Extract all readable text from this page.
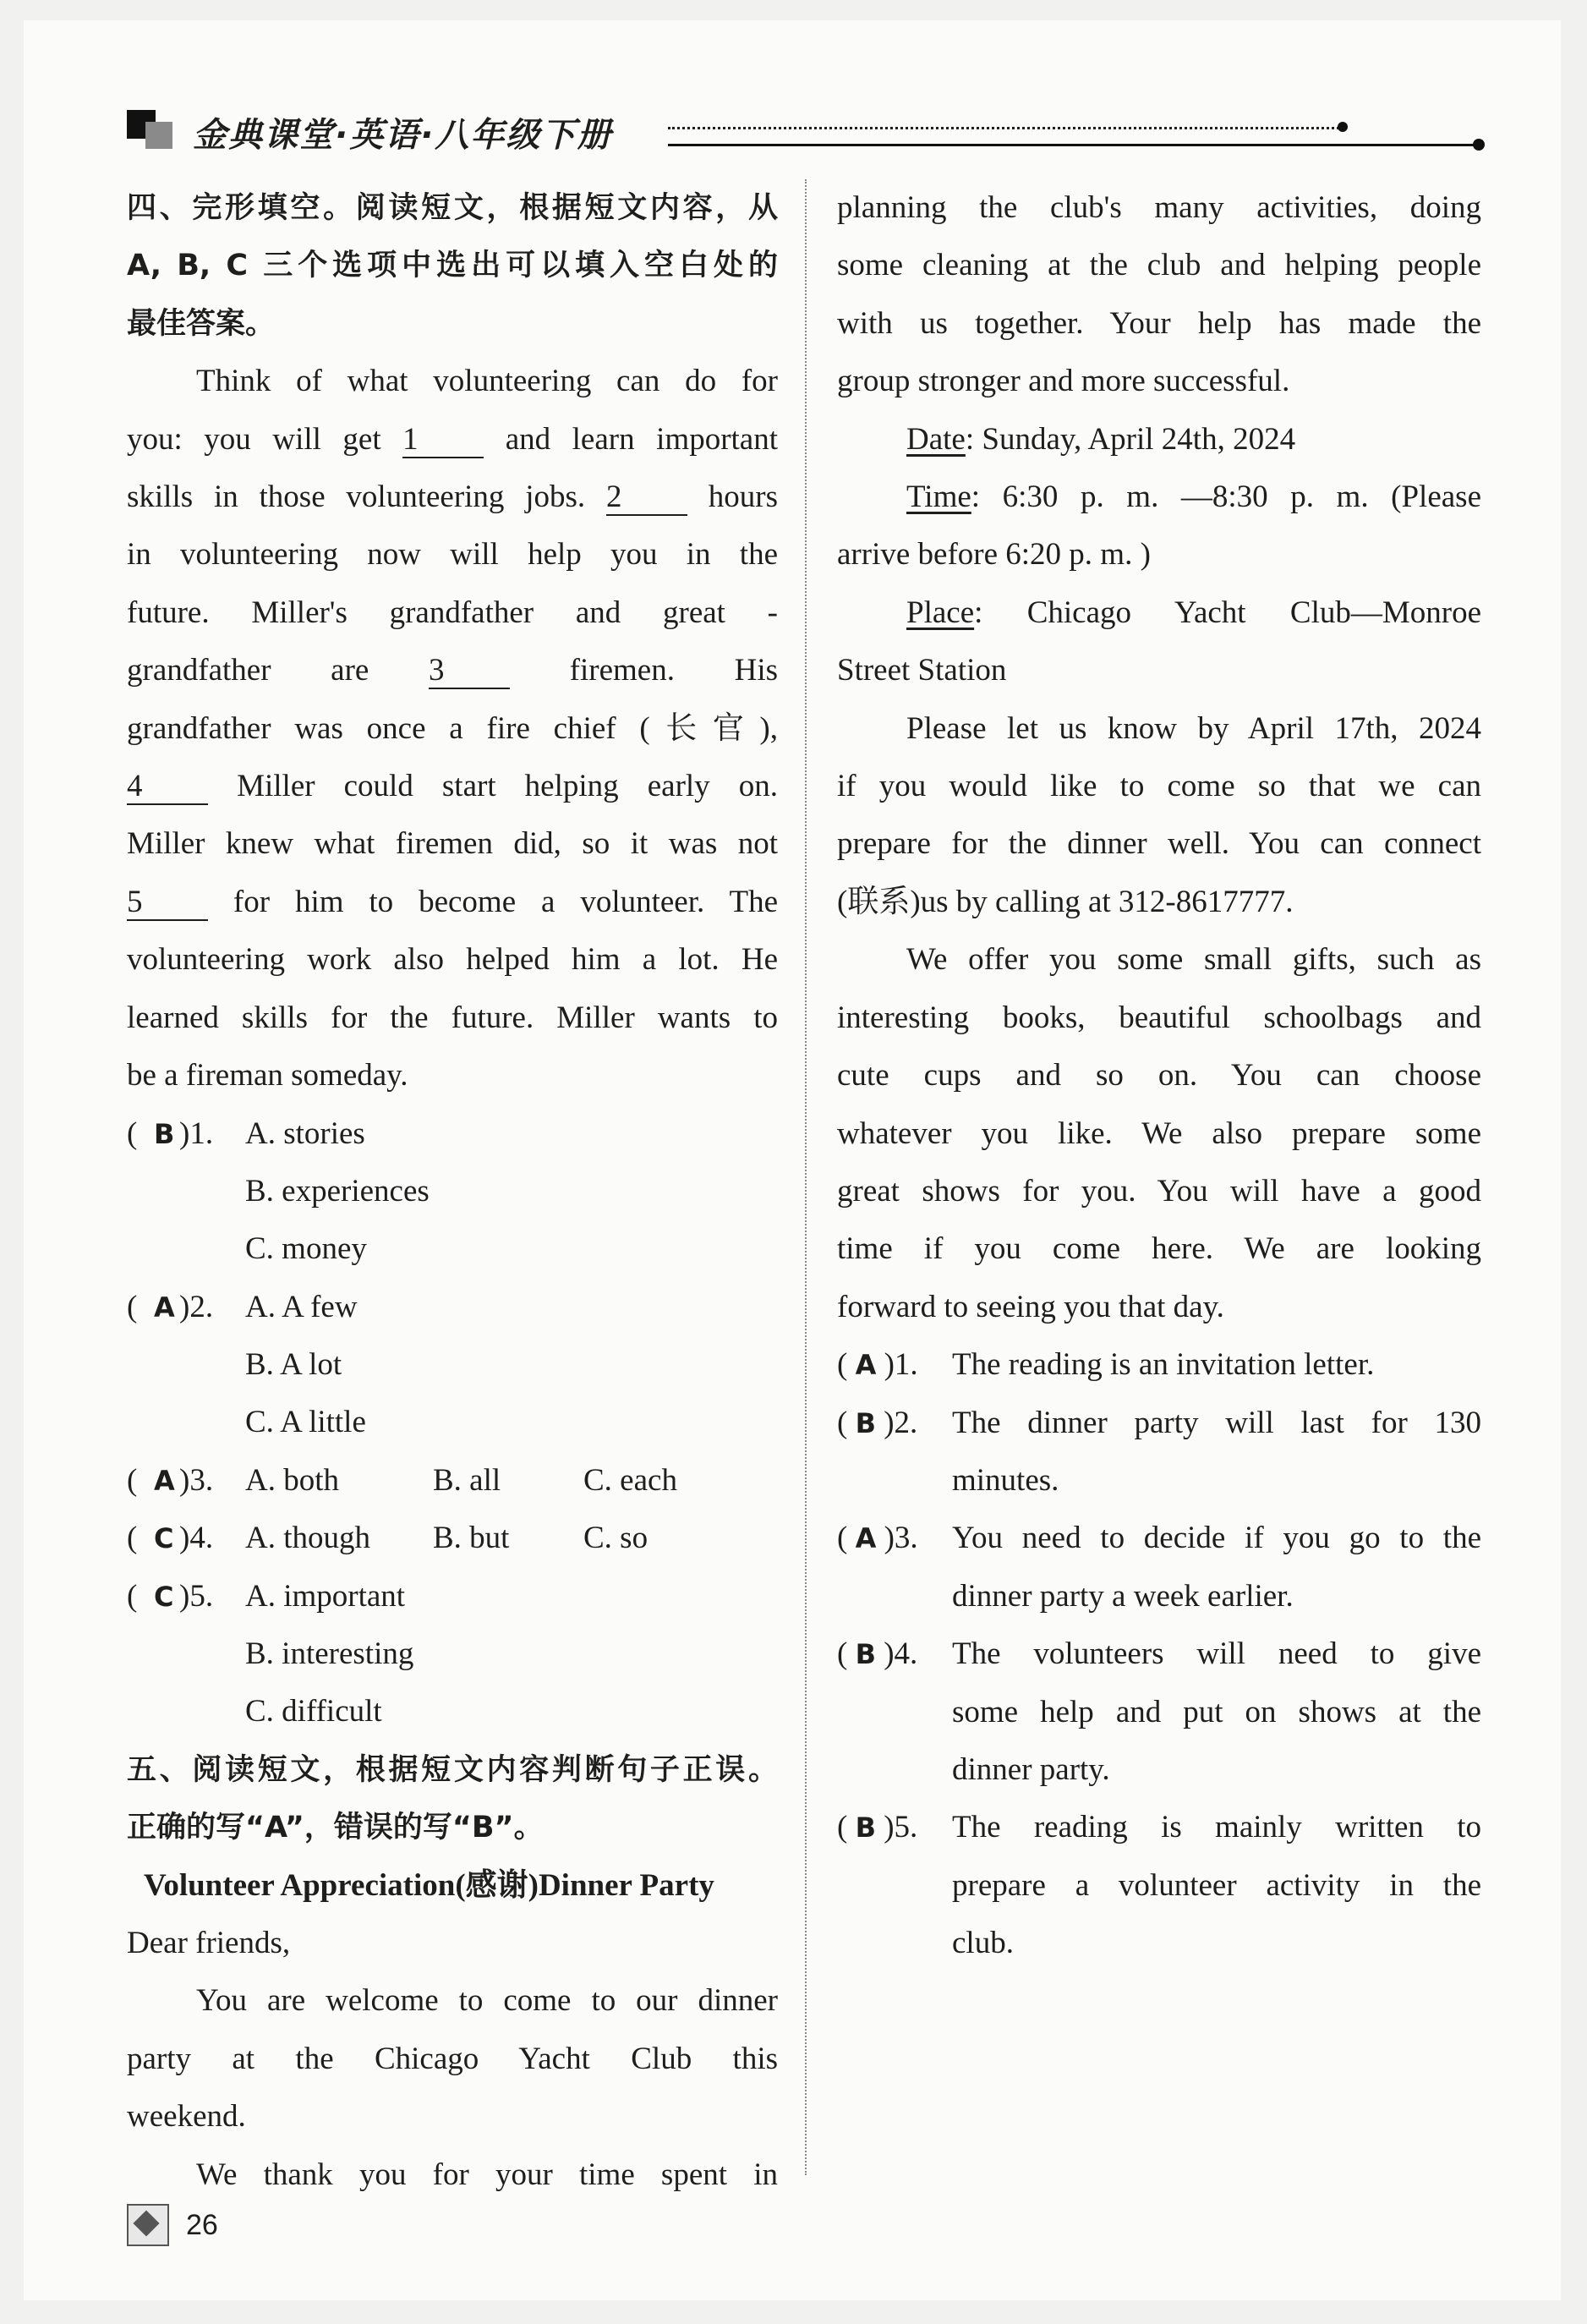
金典课堂·英语·八年级下册

四、完形填空。阅读短文，根据短文内容，从

A, B, C 三个选项中选出可以填入空白处的

最佳答案。

Think of what volunteering can do for

you: you will get 1	and learn important

skills in those volunteering jobs. 2	hours

in volunteering now will help you in the

future. Miller's grandfather and great -

grandfather are 3	firemen. His

grandfather was once a fire chief (长官),

4	Miller could start helping early on.

Miller knew what firemen did, so it was not

5	for him to become a volunteer. The

volunteering work also helped him a lot. He

learned skills for the future. Miller wants to

be a fireman someday.

( B )1. A. stories
B. experiences
C. money
( A )2. A. A few
B. A lot
C. A little
( A )3. A. both	B. all	C. each
( C )4. A. though B. but C. so
( C )5. A. important
B. interesting
C. difficult

五、阅读短文，根据短文内容判断句子正误。

正确的写“A”，错误的写“B”。

Volunteer Appreciation(感谢)Dinner Party

Dear friends,

You are welcome to come to our dinner

party at the Chicago Yacht Club this

weekend.

We thank you for your time spent in

planning the club's many activities, doing

some cleaning at the club and helping people

with us together. Your help has made the

group stronger and more successful.

Date: Sunday, April 24th, 2024

Time: 6:30 p. m. —8:30 p. m. (Please

arrive before 6:20 p. m. )

Place: Chicago Yacht Club—Monroe

Street Station

Please let us know by April 17th, 2024

if you would like to come so that we can

prepare for the dinner well. You can connect

(联系)us by calling at 312-8617777.

We offer you some small gifts, such as

interesting books, beautiful schoolbags and

cute cups and so on. You can choose

whatever you like. We also prepare some

great shows for you. You will have a good

time if you come here. We are looking

forward to seeing you that day.

( A )1. The reading is an invitation letter.

( B )2. The dinner party will last for 130

minutes.

( A )3. You need to decide if you go to the

dinner party a week earlier.

( B )4. The volunteers will need to give

some help and put on shows at the

dinner party.

( B )5. The reading is mainly written to

prepare a volunteer activity in the

club.

26
